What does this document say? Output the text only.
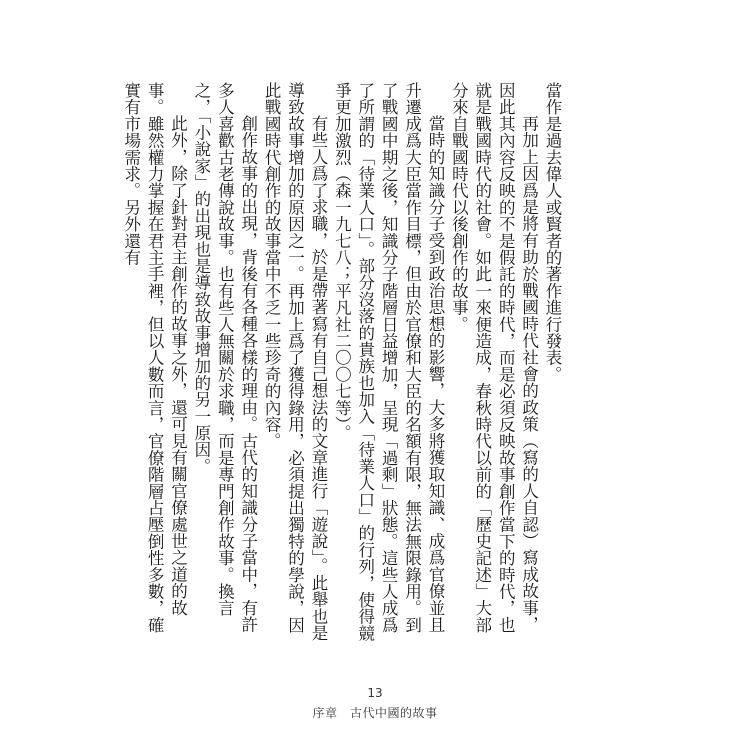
當作是過去偉人或賢者的著作進行發表。

再加上因爲是將有助於戰國時代社會的政策（寫的人自認）寫成故事，因此其內容反映的不是假託的時代，而是必須反映故事創作當下的時代，也就是戰國時代的社會。如此一來便造成，春秋時代以前的「歷史記述」大部分來自戰國時代以後創作的故事。

當時的知識分子受到政治思想的影響，大多將獲取知識、成爲官僚並且升遷成爲大臣當作目標，但由於官僚和大臣的名額有限，無法無限錄用。到了戰國中期之後，知識分子階層日益增加，呈現「過剩」狀態。這些人成爲了所謂的「待業人口」。部分沒落的貴族也加入「待業人口」的行列，使得競爭更加激烈（森一九七八；平凡社二〇〇七等）。

有些人爲了求職，於是帶著寫有自己想法的文章進行「遊說」。此舉也是導致故事增加的原因之一。再加上爲了獲得錄用，必須提出獨特的學說，因此戰國時代創作的故事當中不乏一些珍奇的內容。

創作故事的出現，背後有各種各樣的理由。古代的知識分子當中，有許多人喜歡古老傳說故事。也有些人無關於求職，而是專門創作故事。換言之，「小說家」的出現也是導致故事增加的另一原因。

此外，除了針對君主創作的故事之外，還可見有關官僚處世之道的故事。雖然權力掌握在君主手裡，但以人數而言，官僚階層占壓倒性多數，確實有市場需求。另外還有

13
序章　古代中國的故事
